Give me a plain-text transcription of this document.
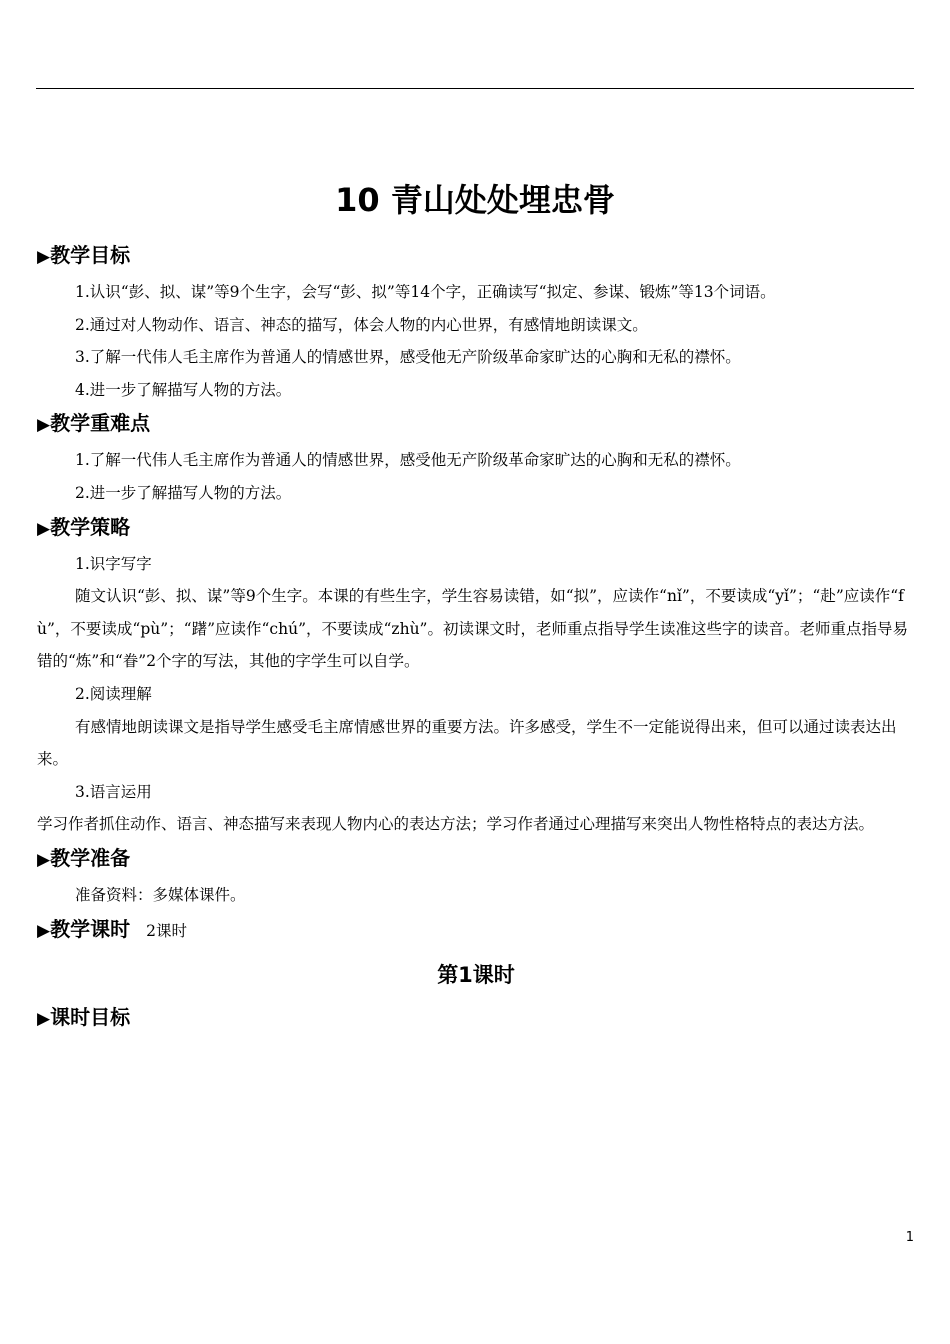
10 青山处处埋忠骨
▶教学目标

1.认识“彭、拟、谋”等9个生字，会写“彭、拟”等14个字，正确读写“拟定、参谋、锻炼”等13个词语。

2.通过对人物动作、语言、神态的描写，体会人物的内心世界，有感情地朗读课文。

3.了解一代伟人毛主席作为普通人的情感世界，感受他无产阶级革命家旷达的心胸和无私的襟怀。

4.进一步了解描写人物的方法。

▶教学重难点

1.了解一代伟人毛主席作为普通人的情感世界，感受他无产阶级革命家旷达的心胸和无私的襟怀。

2.进一步了解描写人物的方法。

▶教学策略

1.识字写字

随文认识“彭、拟、谋”等9个生字。本课的有些生字，学生容易读错，如“拟”，应读作“nǐ”，不要读成“yǐ”；“赴”应读作“fù”，不要读成“pù”；“躇”应读作“chú”，不要读成“zhù”。初读课文时，老师重点指导学生读准这些字的读音。老师重点指导易错的“炼”和“眷”2个字的写法，其他的字学生可以自学。

2.阅读理解

有感情地朗读课文是指导学生感受毛主席情感世界的重要方法。许多感受，学生不一定能说得出来，但可以通过读表达出来。

3.语言运用

学习作者抓住动作、语言、神态描写来表现人物内心的表达方法；学习作者通过心理描写来突出人物性格特点的表达方法。

▶教学准备

准备资料：多媒体课件。

▶教学课时 2课时
第1课时
▶课时目标
1
